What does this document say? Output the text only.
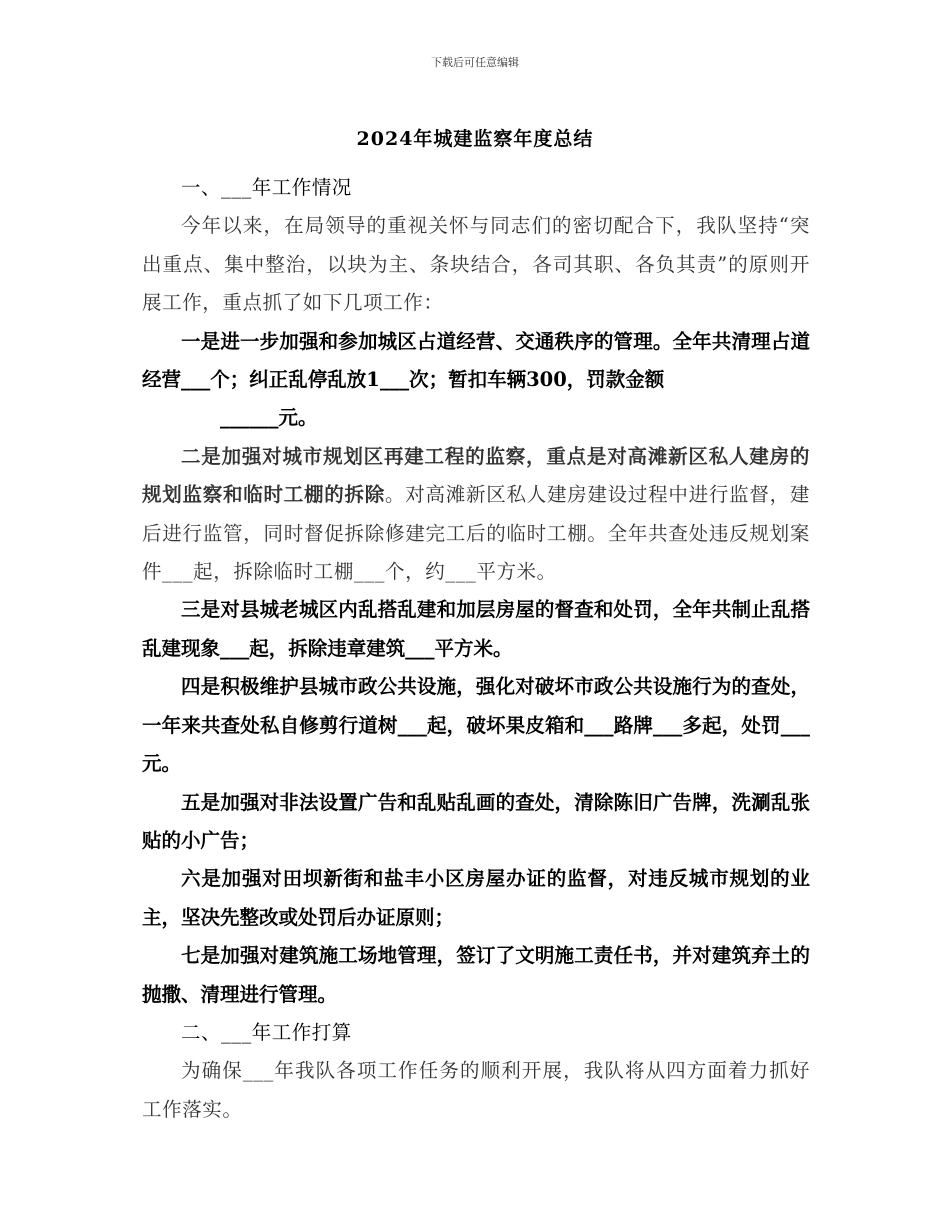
下载后可任意编辑
2024年城建监察年度总结

一、___年工作情况

今年以来，在局领导的重视关怀与同志们的密切配合下，我队坚持“突出重点、集中整治，以块为主、条块结合，各司其职、各负其责”的原则开展工作，重点抓了如下几项工作：

一是进一步加强和参加城区占道经营、交通秩序的管理。全年共清理占道经营___个；纠正乱停乱放1___次；暂扣车辆300，罚款金额
______元。

二是加强对城市规划区再建工程的监察，重点是对高滩新区私人建房的规划监察和临时工棚的拆除。对高滩新区私人建房建设过程中进行监督，建后进行监管，同时督促拆除修建完工后的临时工棚。全年共查处违反规划案件___起，拆除临时工棚___个，约___平方米。

三是对县城老城区内乱搭乱建和加层房屋的督查和处罚，全年共制止乱搭乱建现象___起，拆除违章建筑___平方米。

四是积极维护县城市政公共设施，强化对破坏市政公共设施行为的查处，一年来共查处私自修剪行道树___起，破坏果皮箱和___路牌___多起，处罚___元。

五是加强对非法设置广告和乱贴乱画的查处，清除陈旧广告牌，洗涮乱张贴的小广告；

六是加强对田坝新街和盐丰小区房屋办证的监督，对违反城市规划的业主，坚决先整改或处罚后办证原则；

七是加强对建筑施工场地管理，签订了文明施工责任书，并对建筑弃土的抛撒、清理进行管理。

二、___年工作打算

为确保___年我队各项工作任务的顺利开展，我队将从四方面着力抓好工作落实。
